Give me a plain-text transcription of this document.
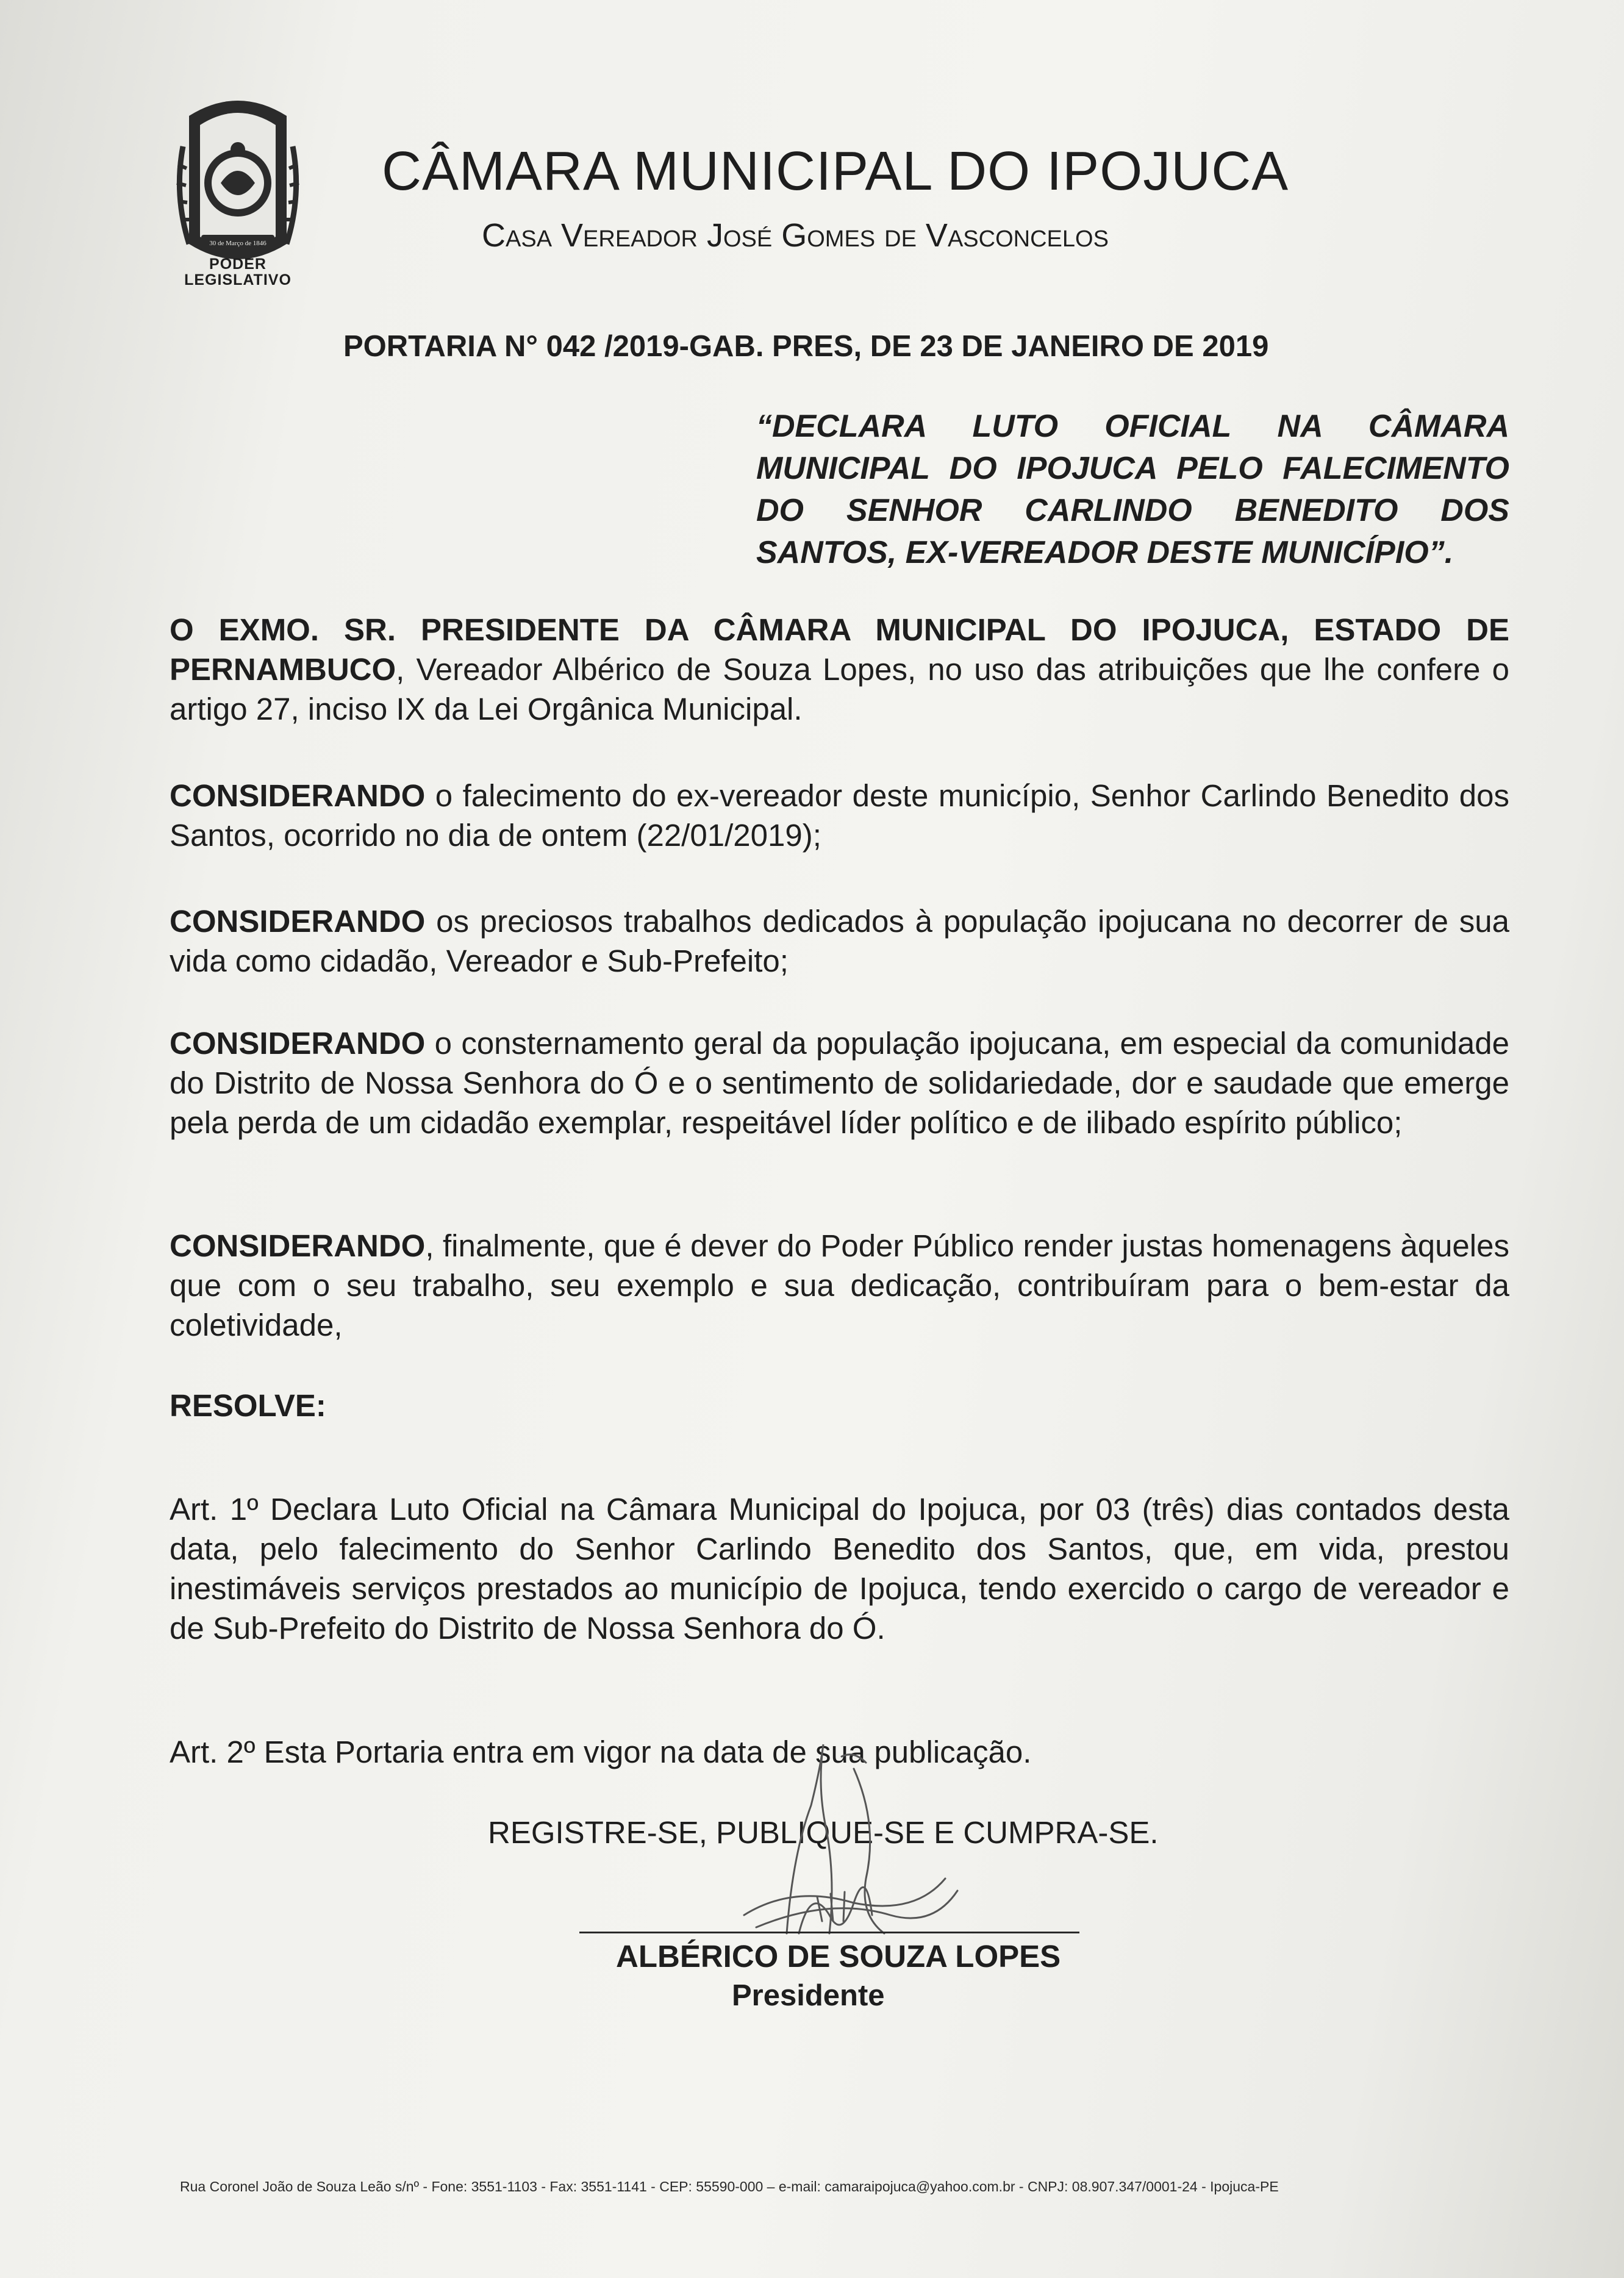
30 de Março de 1846
PODER
LEGISLATIVO
CÂMARA MUNICIPAL DO IPOJUCA
Casa Vereador José Gomes de Vasconcelos
PORTARIA N° 042 /2019-GAB. PRES, DE 23 DE JANEIRO DE 2019
“DECLARA LUTO OFICIAL NA CÂMARA
MUNICIPAL DO IPOJUCA PELO FALECIMENTO
DO SENHOR CARLINDO BENEDITO DOS
SANTOS, EX-VEREADOR DESTE MUNICÍPIO”.
O EXMO. SR. PRESIDENTE DA CÂMARA MUNICIPAL DO IPOJUCA, ESTADO DE PERNAMBUCO, Vereador Albérico de Souza Lopes, no uso das atribuições que lhe confere o artigo 27, inciso IX da Lei Orgânica Municipal.
CONSIDERANDO o falecimento do ex-vereador deste município, Senhor Carlindo Benedito dos Santos, ocorrido no dia de ontem (22/01/2019);
CONSIDERANDO os preciosos trabalhos dedicados à população ipojucana no decorrer de sua vida como cidadão, Vereador e Sub-Prefeito;
CONSIDERANDO o consternamento geral da população ipojucana, em especial da comunidade do Distrito de Nossa Senhora do Ó e o sentimento de solidariedade, dor e saudade que emerge pela perda de um cidadão exemplar, respeitável líder político e de ilibado espírito público;
CONSIDERANDO, finalmente, que é dever do Poder Público render justas homenagens àqueles que com o seu trabalho, seu exemplo e sua dedicação, contribuíram para o bem-estar da coletividade,
RESOLVE:
Art. 1º Declara Luto Oficial na Câmara Municipal do Ipojuca, por 03 (três) dias contados desta data, pelo falecimento do Senhor Carlindo Benedito dos Santos, que, em vida, prestou inestimáveis serviços prestados ao município de Ipojuca, tendo exercido o cargo de vereador e de Sub-Prefeito do Distrito de Nossa Senhora do Ó.
Art. 2º Esta Portaria entra em vigor na data de sua publicação.
REGISTRE-SE, PUBLIQUE-SE E CUMPRA-SE.
ALBÉRICO DE SOUZA LOPES
Presidente
Rua Coronel João de Souza Leão s/nº - Fone: 3551-1103 - Fax: 3551-1141 - CEP: 55590-000 – e-mail: camaraipojuca@yahoo.com.br - CNPJ: 08.907.347/0001-24 - Ipojuca-PE
